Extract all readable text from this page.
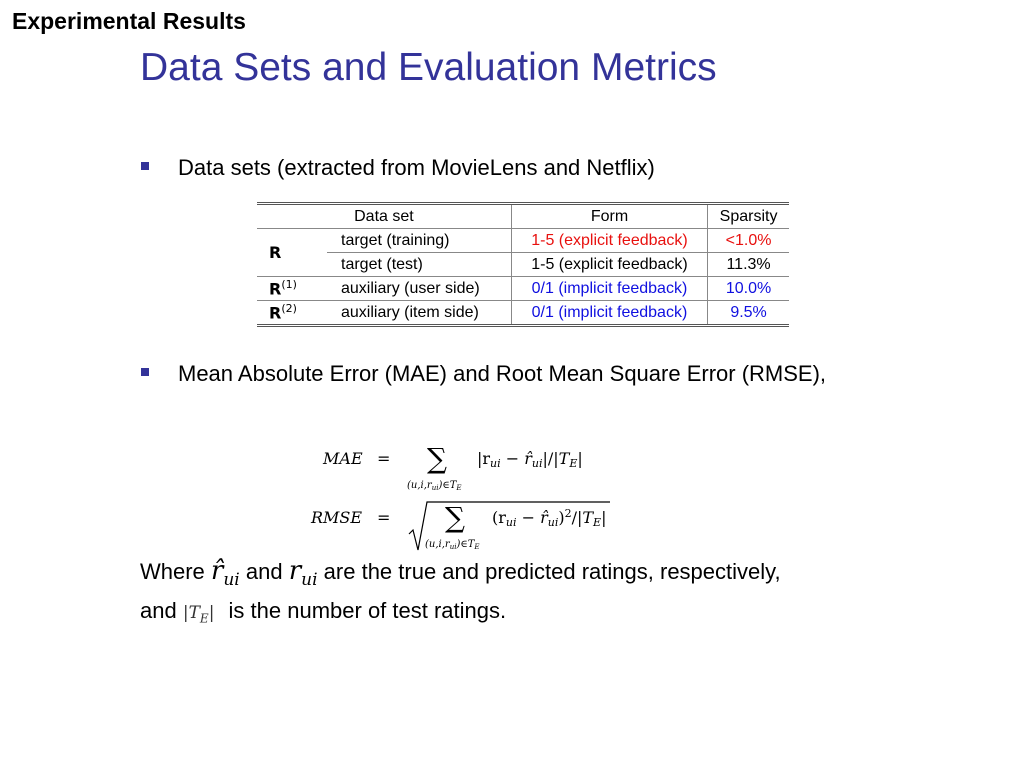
Experimental Results
Data Sets and Evaluation Metrics
Data sets (extracted from MovieLens and Netflix)
Data set		Form	Sparsity
R	target (training)	1-5 (explicit feedback)	<1.0%
	target (test)	1-5 (explicit feedback)	11.3%
$R^{(1)}$	auxiliary (user side)	0/1 (implicit feedback)	10.0%
$R^{(2)}$	auxiliary (item side)	0/1 (implicit feedback)	9.5%
Mean Absolute Error (MAE) and Root Mean Square Error (RMSE),
MAE = ∑
$(u,i,r_{ui})\in T_E$
|rui − r̂ui|/|TE|
RMSE = ∑
$(u,i,r_{ui})\in T_E$
(rui − r̂ui)$^2$/|TE|
Where $r̂_{ui}$ and $r_{ui}$ are the true and predicted ratings, respectively,
and $|T_E|$ is the number of test ratings.
